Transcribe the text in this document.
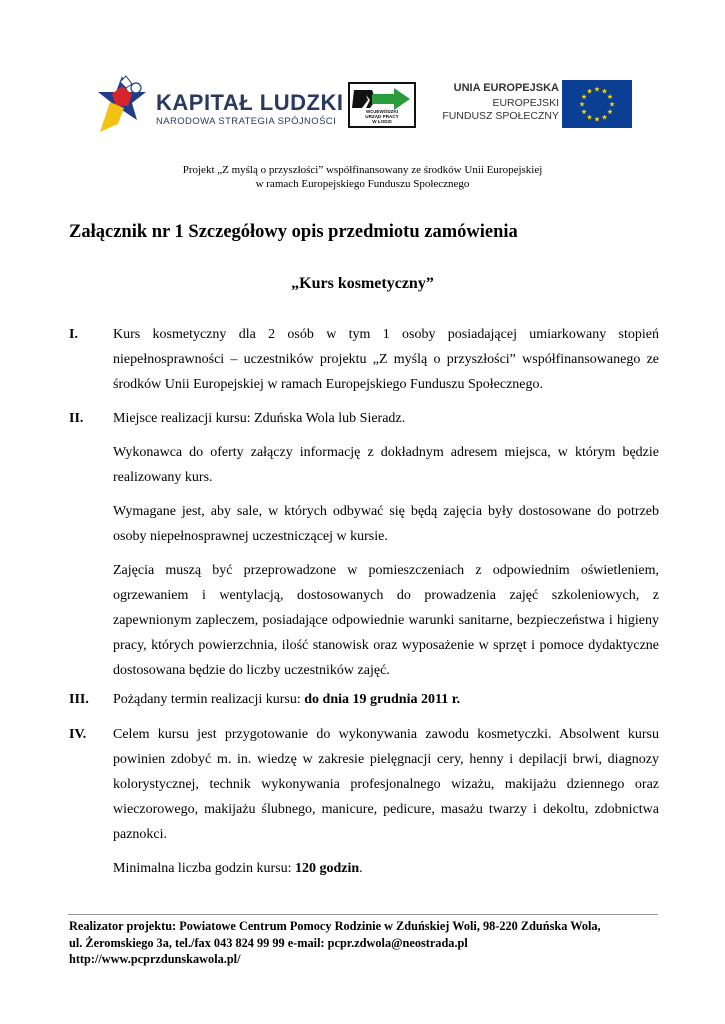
KAPITAŁ LUDZKI
NARODOWA STRATEGIA SPÓJNOŚCI
WOJEWÓDZKI
URZĄD PRACY
W ŁODZI
UNIA EUROPEJSKA
EUROPEJSKI
FUNDUSZ SPOŁECZNY
★
★
★
★
★
★
★
★
★ ★ ★
★
Projekt „Z myślą o przyszłości” współfinansowany ze środków Unii Europejskiej
w ramach Europejskiego Funduszu Społecznego
Załącznik nr 1 Szczegółowy opis przedmiotu zamówienia
„Kurs kosmetyczny”
I.	Kurs kosmetyczny dla 2 osób w tym 1 osoby posiadającej umiarkowany stopień niepełnosprawności – uczestników projektu „Z myślą o przyszłości” współfinansowanego ze środków Unii Europejskiej w ramach Europejskiego Funduszu Społecznego.

II.	Miejsce realizacji kursu: Zduńska Wola lub Sieradz.

Wykonawca do oferty załączy informację z dokładnym adresem miejsca, w którym będzie realizowany kurs.

Wymagane jest, aby sale, w których odbywać się będą zajęcia były dostosowane do potrzeb osoby niepełnosprawnej uczestniczącej w kursie.

Zajęcia muszą być przeprowadzone w pomieszczeniach z odpowiednim oświetleniem, ogrzewaniem i wentylacją, dostosowanych do prowadzenia zajęć szkoleniowych, z zapewnionym zapleczem, posiadające odpowiednie warunki sanitarne, bezpieczeństwa i higieny pracy, których powierzchnia, ilość stanowisk oraz wyposażenie w sprzęt i pomoce dydaktyczne dostosowana będzie do liczby uczestników zajęć.

III.	Pożądany termin realizacji kursu: do dnia 19 grudnia 2011 r.

IV.	Celem kursu jest przygotowanie do wykonywania zawodu kosmetyczki. Absolwent kursu powinien zdobyć m. in. wiedzę w zakresie pielęgnacji cery, henny i depilacji brwi, diagnozy kolorystycznej, technik wykonywania profesjonalnego wizażu, makijażu dziennego oraz wieczorowego, makijażu ślubnego, manicure, pedicure, masażu twarzy i dekoltu, zdobnictwa paznokci.

Minimalna liczba godzin kursu: 120 godzin.

Realizator projektu: Powiatowe Centrum Pomocy Rodzinie w Zduńskiej Woli, 98-220 Zduńska Wola,
ul. Żeromskiego 3a, tel./fax 043 824 99 99 e-mail: pcpr.zdwola@neostrada.pl
http://www.pcprzdunskawola.pl/
